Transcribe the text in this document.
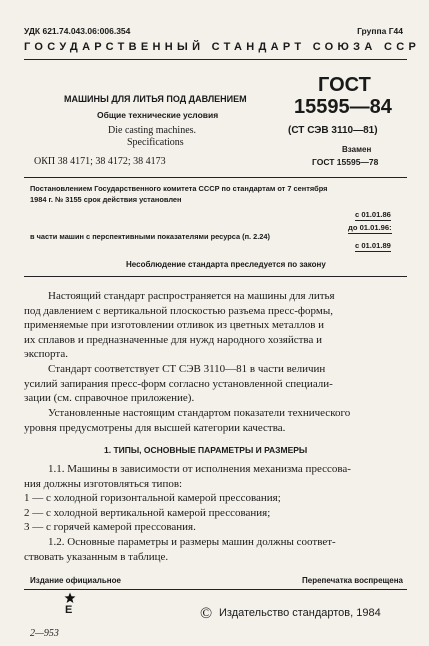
УДК 621.74.043.06:006.354	Группа Г44
ГОСУДАРСТВЕННЫЙ СТАНДАРТ СОЮЗА ССР
МАШИНЫ ДЛЯ ЛИТЬЯ ПОД ДАВЛЕНИЕМ
Общие технические условия
Die casting machines.
Specifications
ОКП 38 4171; 38 4172; 38 4173
ГОСТ
15595—84
(СТ СЭВ 3110—81)
Взамен
ГОСТ 15595—78
Постановлением Государственного комитета СССР по стандартам от 7 сентября
1984 г. № 3155 срок действия установлен
с 01.01.86
до 01.01.96:
в части машин с перспективными показателями ресурса (п. 2.24)
с 01.01.89
Несоблюдение стандарта преследуется по закону
Настоящий стандарт распространяется на машины для литья
под давлением с вертикальной плоскостью разъема пресс-формы,
применяемые при изготовлении отливок из цветных металлов и
их сплавов и предназначенные для нужд народного хозяйства и
экспорта.
Стандарт соответствует СТ СЭВ 3110—81 в части величин
усилий запирания пресс-форм согласно установленной специали-
зации (см. справочное приложение).
Установленные настоящим стандартом показатели технического
уровня предусмотрены для высшей категории качества.
1. ТИПЫ, ОСНОВНЫЕ ПАРАМЕТРЫ И РАЗМЕРЫ
1.1. Машины в зависимости от исполнения механизма прессова-
ния должны изготовляться типов:
1 — с холодной горизонтальной камерой прессования;
2 — с холодной вертикальной камерой прессования;
3 — с горячей камерой прессования.
1.2. Основные параметры и размеры машин должны соответ-
ствовать указанным в таблице.
Издание официальное	Перепечатка воспрещена
Е	© Издательство стандартов, 1984
2—953
